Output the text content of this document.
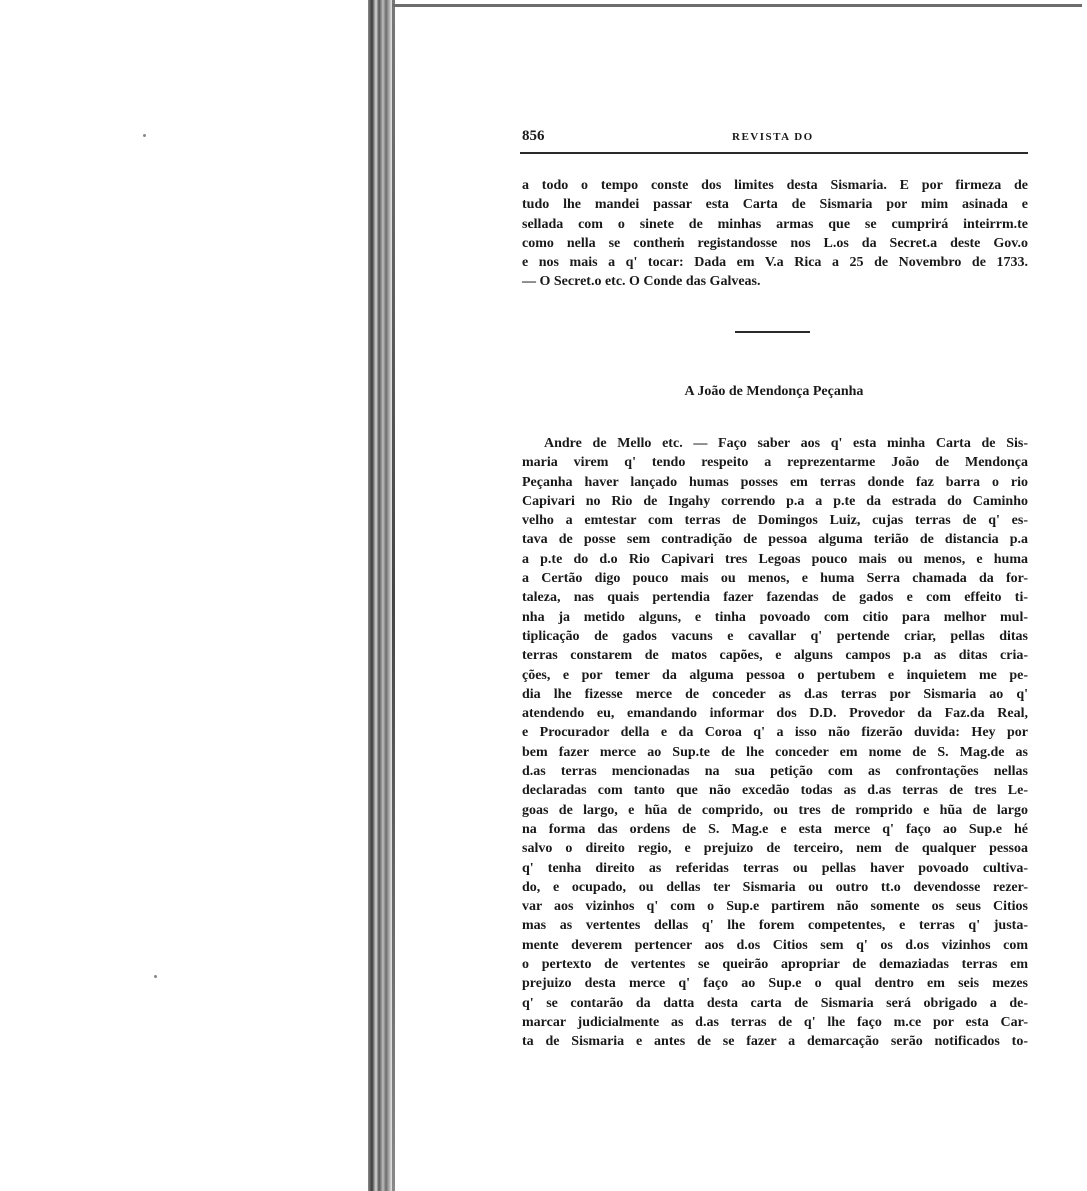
856	REVISTA DO
a todo o tempo conste dos limites desta Sismaria. E por firmeza de
tudo lhe mandei passar esta Carta de Sismaria por mim asinada e
sellada com o sinete de minhas armas que se cumprirá inteirrm.te
como nella se contheṁ registandosse nos L.os da Secret.a deste Gov.o
e nos mais a q' tocar: Dada em V.a Rica a 25 de Novembro de 1733.
— O Secret.o etc. O Conde das Galveas.
A João de Mendonça Peçanha
Andre de Mello etc. — Faço saber aos q' esta minha Carta de Sis-
maria virem q' tendo respeito a reprezentarme João de Mendonça
Peçanha haver lançado humas posses em terras donde faz barra o rio
Capivari no Rio de Ingahy correndo p.a a p.te da estrada do Caminho
velho a emtestar com terras de Domingos Luiz, cujas terras de q' es-
tava de posse sem contradição de pessoa alguma terião de distancia p.a
a p.te do d.o Rio Capivari tres Legoas pouco mais ou menos, e huma
a Certão digo pouco mais ou menos, e huma Serra chamada da for-
taleza, nas quais pertendia fazer fazendas de gados e com effeito ti-
nha ja metido alguns, e tinha povoado com citio para melhor mul-
tiplicação de gados vacuns e cavallar q' pertende criar, pellas ditas
terras constarem de matos capões, e alguns campos p.a as ditas cria-
ções, e por temer da alguma pessoa o pertubem e inquietem me pe-
dia lhe fizesse merce de conceder as d.as terras por Sismaria ao q'
atendendo eu, emandando informar dos D.D. Provedor da Faz.da Real,
e Procurador della e da Coroa q' a isso não fizerão duvida: Hey por
bem fazer merce ao Sup.te de lhe conceder em nome de S. Mag.de as
d.as terras mencionadas na sua petição com as confrontações nellas
declaradas com tanto que não excedão todas as d.as terras de tres Le-
goas de largo, e hũa de comprido, ou tres de romprido e hũa de largo
na forma das ordens de S. Mag.e e esta merce q' faço ao Sup.e hé
salvo o direito regio, e prejuizo de terceiro, nem de qualquer pessoa
q' tenha direito as referidas terras ou pellas haver povoado cultiva-
do, e ocupado, ou dellas ter Sismaria ou outro tt.o devendosse rezer-
var aos vizinhos q' com o Sup.e partirem não somente os seus Citios
mas as vertentes dellas q' lhe forem competentes, e terras q' justa-
mente deverem pertencer aos d.os Citios sem q' os d.os vizinhos com
o pertexto de vertentes se queirão apropriar de demaziadas terras em
prejuizo desta merce q' faço ao Sup.e o qual dentro em seis mezes
q' se contarão da datta desta carta de Sismaria será obrigado a de-
marcar judicialmente as d.as terras de q' lhe faço m.ce por esta Car-
ta de Sismaria e antes de se fazer a demarcação serão notificados to-
